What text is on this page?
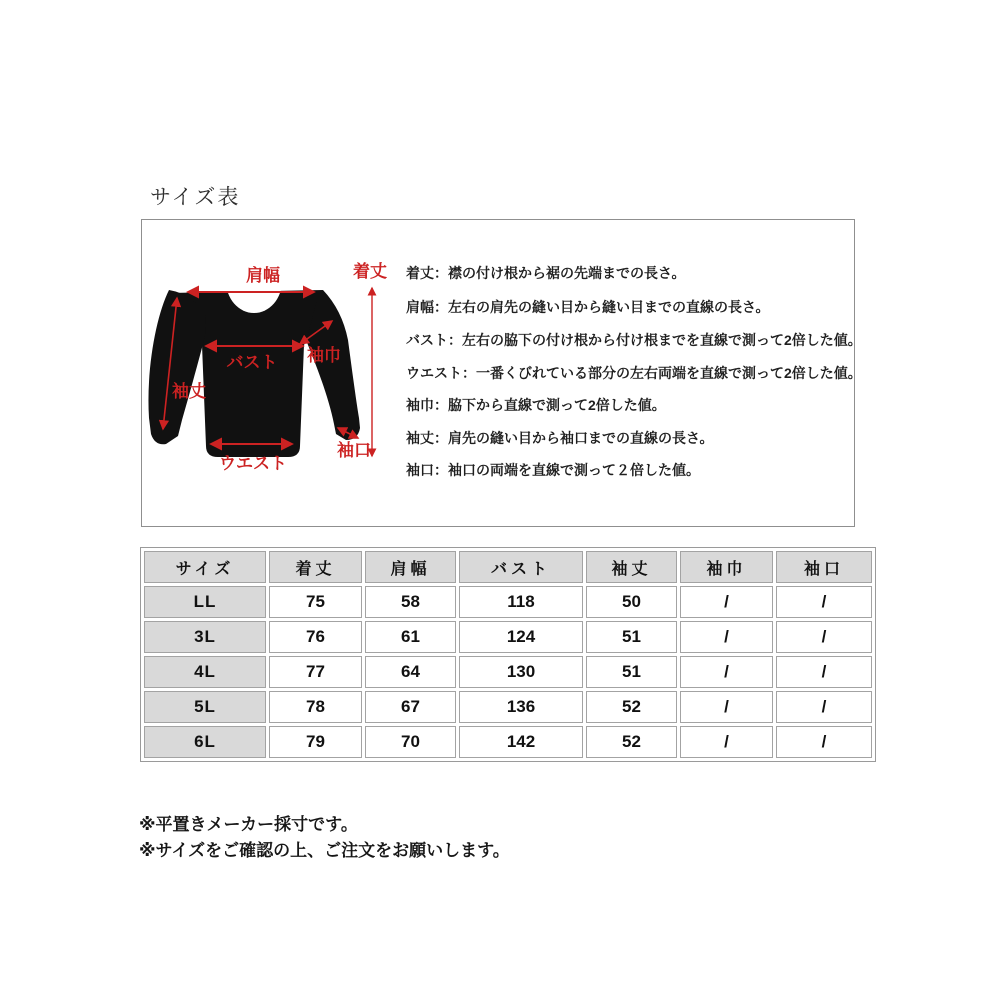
サイズ表
肩幅	着丈
バスト 袖巾
袖丈
ウエスト
袖口
着丈：襟の付け根から裾の先端までの長さ。
肩幅：左右の肩先の縫い目から縫い目までの直線の長さ。
バスト：左右の脇下の付け根から付け根までを直線で測って2倍した値。
ウエスト：一番くびれている部分の左右両端を直線で測って2倍した値。
袖巾：脇下から直線で測って2倍した値。
袖丈：肩先の縫い目から袖口までの直線の長さ。
袖口：袖口の両端を直線で測って２倍した値。
サイズ	着丈	肩幅	バスト	袖丈	袖巾	袖口
LL	75	58	118	50	/	/
3L	76	61	124	51	/	/
4L	77	64	130	51	/	/
5L	78	67	136	52	/	/
6L	79	70	142	52	/	/
※平置きメーカー採寸です。
※サイズをご確認の上、ご注文をお願いします。
